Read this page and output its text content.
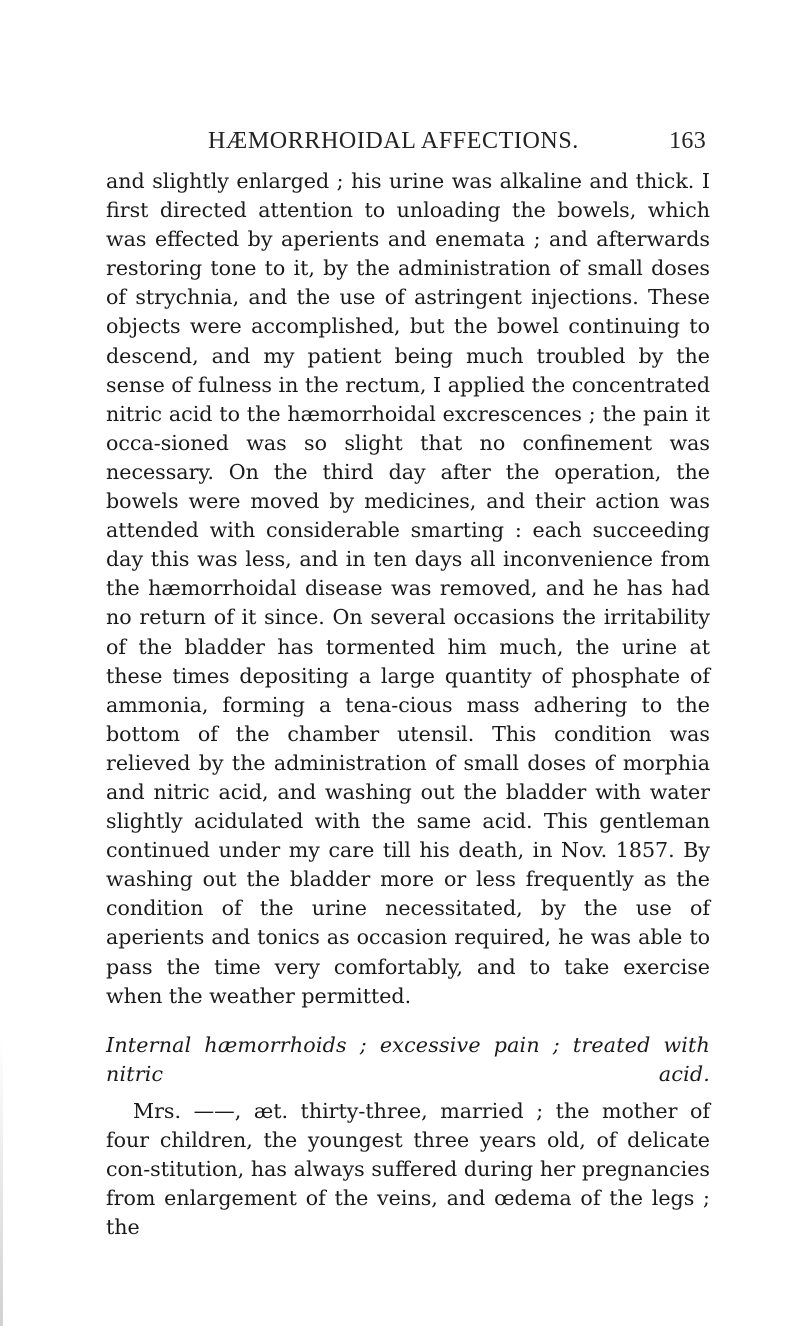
HÆMORRHOIDAL AFFECTIONS.	163

and slightly enlarged ; his urine was alkaline and thick. I first directed attention to unloading the bowels, which was effected by aperients and enemata ; and afterwards restoring tone to it, by the administration of small doses of strychnia, and the use of astringent injections. These objects were accomplished, but the bowel continuing to descend, and my patient being much troubled by the sense of fulness in the rectum, I applied the concentrated nitric acid to the hæmorrhoidal excrescences ; the pain it occa-sioned was so slight that no confinement was necessary. On the third day after the operation, the bowels were moved by medicines, and their action was attended with considerable smarting : each succeeding day this was less, and in ten days all inconvenience from the hæmorrhoidal disease was removed, and he has had no return of it since. On several occasions the irritability of the bladder has tormented him much, the urine at these times depositing a large quantity of phosphate of ammonia, forming a tena-cious mass adhering to the bottom of the chamber utensil. This condition was relieved by the administration of small doses of morphia and nitric acid, and washing out the bladder with water slightly acidulated with the same acid. This gentleman continued under my care till his death, in Nov. 1857. By washing out the bladder more or less frequently as the condition of the urine necessitated, by the use of aperients and tonics as occasion required, he was able to pass the time very comfortably, and to take exercise when the weather permitted.

Internal hæmorrhoids ; excessive pain ; treated with nitric acid.

Mrs. ——, æt. thirty-three, married ; the mother of four children, the youngest three years old, of delicate con-stitution, has always suffered during her pregnancies from enlargement of the veins, and œdema of the legs ; the
